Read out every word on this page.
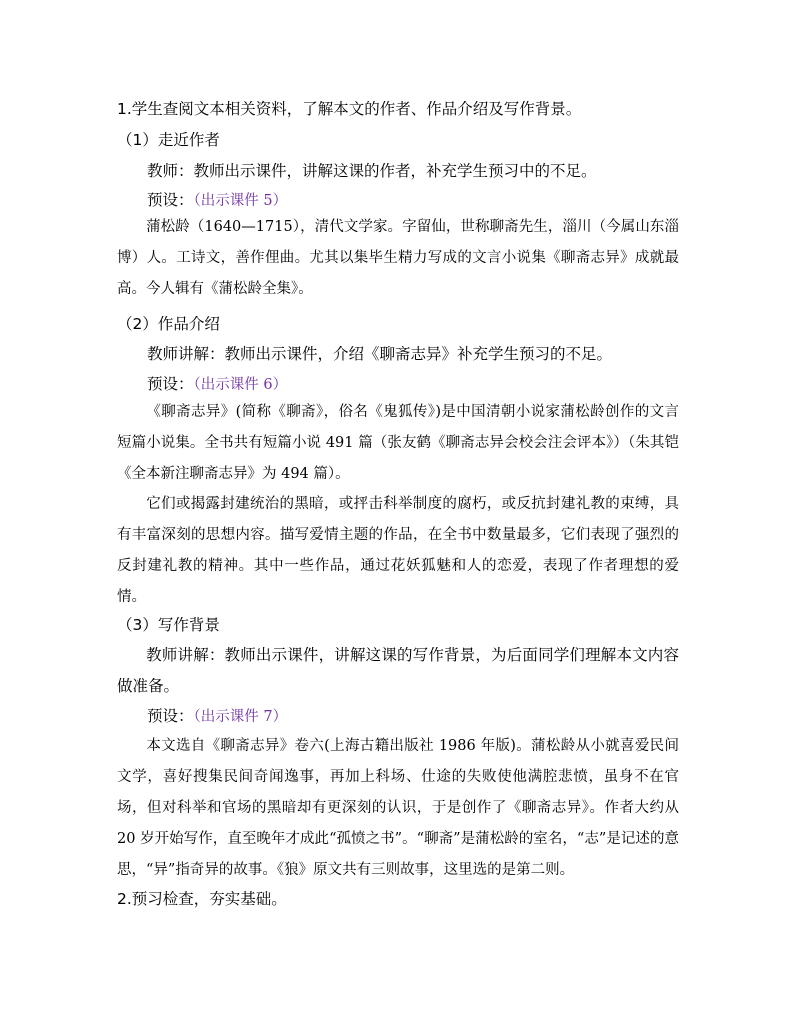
1.学生查阅文本相关资料，了解本文的作者、作品介绍及写作背景。
（1）走近作者
教师：教师出示课件，讲解这课的作者，补充学生预习中的不足。
预设：（出示课件 5）

蒲松龄（1640—1715），清代文学家。字留仙，世称聊斋先生，淄川（今属山东淄博）人。工诗文，善作俚曲。尤其以集毕生精力写成的文言小说集《聊斋志异》成就最高。今人辑有《蒲松龄全集》。

（2）作品介绍
教师讲解：教师出示课件，介绍《聊斋志异》补充学生预习的不足。
预设：（出示课件 6）

《聊斋志异》(简称《聊斋》，俗名《鬼狐传》)是中国清朝小说家蒲松龄创作的文言短篇小说集。全书共有短篇小说 491 篇（张友鹤《聊斋志异会校会注会评本》）（朱其铠《全本新注聊斋志异》为 494 篇）。

它们或揭露封建统治的黑暗，或抨击科举制度的腐朽，或反抗封建礼教的束缚，具有丰富深刻的思想内容。描写爱情主题的作品，在全书中数量最多，它们表现了强烈的反封建礼教的精神。其中一些作品，通过花妖狐魅和人的恋爱，表现了作者理想的爱情。

（3）写作背景

教师讲解：教师出示课件，讲解这课的写作背景，为后面同学们理解本文内容做准备。

预设：（出示课件 7）

本文选自《聊斋志异》卷六(上海古籍出版社 1986 年版)。蒲松龄从小就喜爱民间文学，喜好搜集民间奇闻逸事，再加上科场、仕途的失败使他满腔悲愤，虽身不在官场，但对科举和官场的黑暗却有更深刻的认识，于是创作了《聊斋志异》。作者大约从 20 岁开始写作，直至晚年才成此“孤愤之书”。“聊斋”是蒲松龄的室名，“志”是记述的意思，“异”指奇异的故事。《狼》原文共有三则故事，这里选的是第二则。

2.预习检查，夯实基础。
